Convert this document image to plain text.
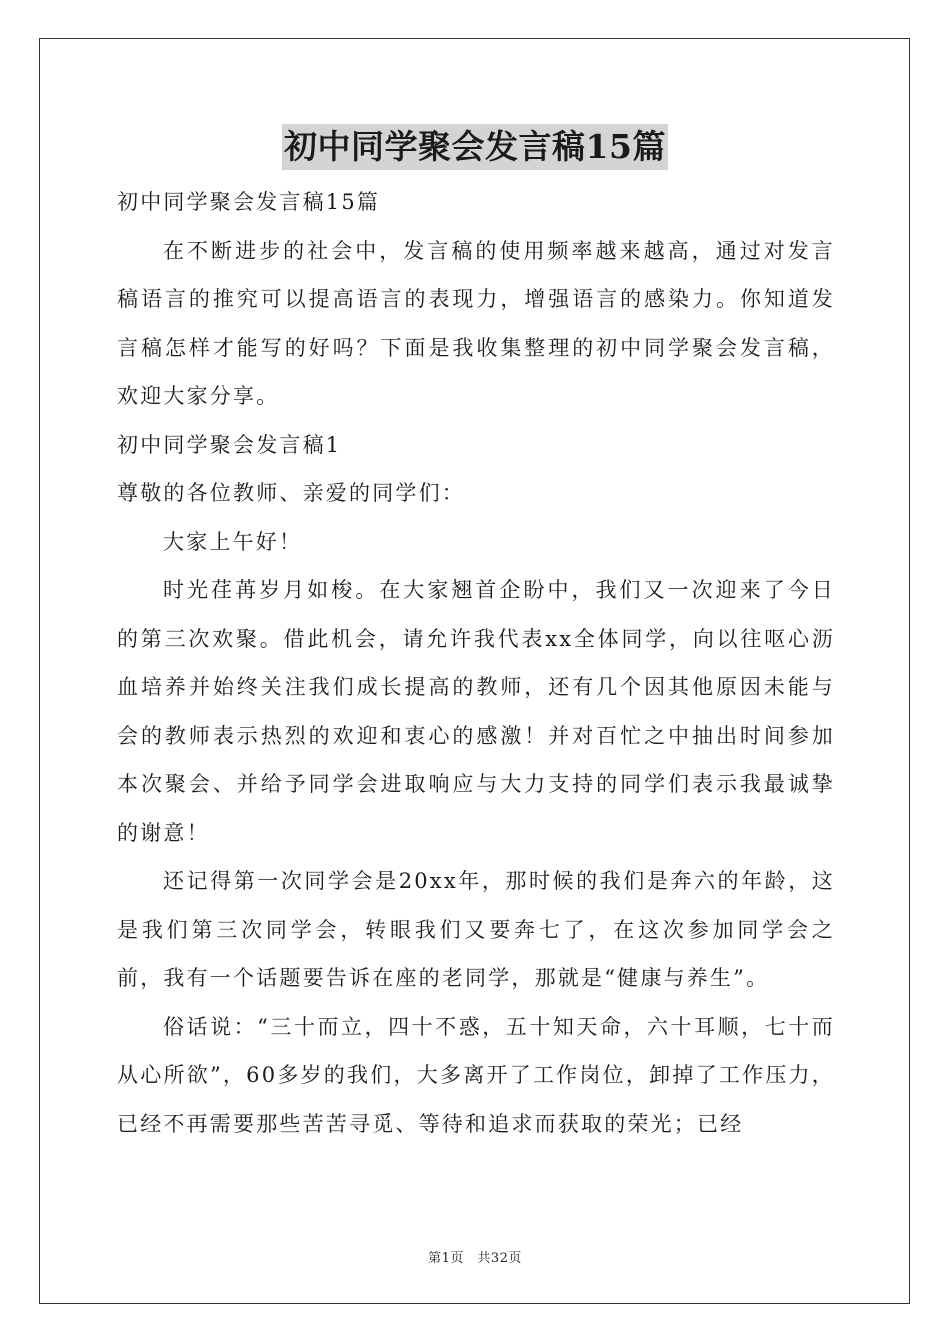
初中同学聚会发言稿15篇

初中同学聚会发言稿15篇

在不断进步的社会中，发言稿的使用频率越来越高，通过对发言稿语言的推究可以提高语言的表现力，增强语言的感染力。你知道发言稿怎样才能写的好吗？下面是我收集整理的初中同学聚会发言稿，欢迎大家分享。

初中同学聚会发言稿1

尊敬的各位教师、亲爱的同学们：

大家上午好！

时光荏苒岁月如梭。在大家翘首企盼中，我们又一次迎来了今日的第三次欢聚。借此机会，请允许我代表xx全体同学，向以往呕心沥血培养并始终关注我们成长提高的教师，还有几个因其他原因未能与会的教师表示热烈的欢迎和衷心的感激！并对百忙之中抽出时间参加本次聚会、并给予同学会进取响应与大力支持的同学们表示我最诚挚的谢意！

还记得第一次同学会是20xx年，那时候的我们是奔六的年龄，这是我们第三次同学会，转眼我们又要奔七了，在这次参加同学会之前，我有一个话题要告诉在座的老同学，那就是“健康与养生”。

俗话说：“三十而立，四十不惑，五十知天命，六十耳顺，七十而从心所欲”，60多岁的我们，大多离开了工作岗位，卸掉了工作压力，已经不再需要那些苦苦寻觅、等待和追求而获取的荣光；已经

第1页　共32页
